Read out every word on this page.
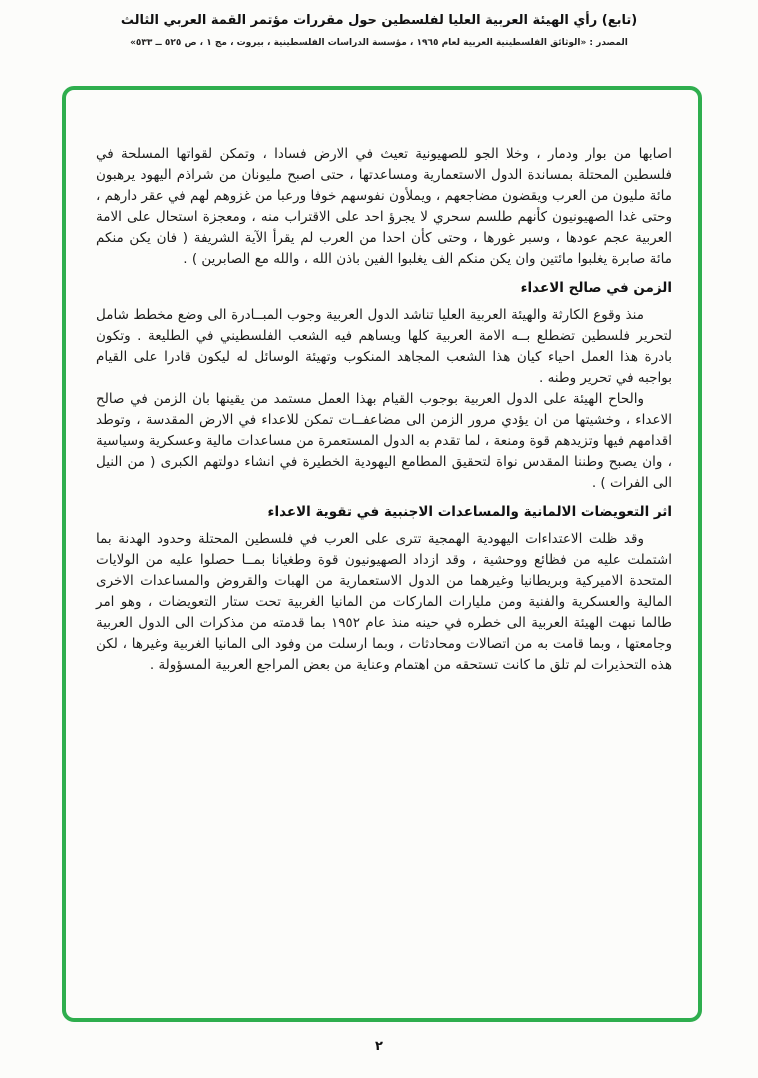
(تابع) رأي الهيئة العربية العليا لفلسطين حول مقررات مؤتمر القمة العربي الثالث
المصدر : «الوثائق الفلسطينية العربية لعام ١٩٦٥ ، مؤسسة الدراسات الفلسطينية ، بيروت ، مج ١ ، ص ٥٢٥ ــ ٥٣٣»

اصابها من بوار ودمار ، وخلا الجو للصهيونية تعيث في الارض فسادا ، وتمكن لقواتها المسلحة في فلسطين المحتلة بمساندة الدول الاستعمارية ومساعدتها ، حتى اصبح مليونان من شراذم اليهود يرهبون مائة مليون من العرب ويقضون مضاجعهم ، ويملأون نفوسهم خوفا ورعبا من غزوهم لهم في عقر دارهم ، وحتى غدا الصهيونيون كأنهم طلسم سحري لا يجرؤ احد على الاقتراب منه ، ومعجزة استحال على الامة العربية عجم عودها ، وسبر غورها ، وحتى كأن احدا من العرب لم يقرأ الآية الشريفة ( فان يكن منكم مائة صابرة يغلبوا مائتين وان يكن منكم الف يغلبوا الفين باذن الله ، والله مع الصابرين ) .

الزمن في صالح الاعداء

منذ وقوع الكارثة والهيئة العربية العليا تناشد الدول العربية وجوب المبــادرة الى وضع مخطط شامل لتحرير فلسطين تضطلع بــه الامة العربية كلها ويساهم فيه الشعب الفلسطيني في الطليعة . وتكون بادرة هذا العمل احياء كيان هذا الشعب المجاهد المنكوب وتهيئة الوسائل له ليكون قادرا على القيام بواجبه في تحرير وطنه .

والحاح الهيئة على الدول العربية بوجوب القيام بهذا العمل مستمد من يقينها بان الزمن في صالح الاعداء ، وخشيتها من ان يؤدي مرور الزمن الى مضاعفــات تمكن للاعداء في الارض المقدسة ، وتوطد اقدامهم فيها وتزيدهم قوة ومنعة ، لما تقدم به الدول المستعمرة من مساعدات مالية وعسكرية وسياسية ، وان يصبح وطننا المقدس نواة لتحقيق المطامع اليهودية الخطيرة في انشاء دولتهم الكبرى ( من النيل الى الفرات ) .

اثر التعويضات الالمانية والمساعدات الاجنبية في تقوية الاعداء

وقد ظلت الاعتداءات اليهودية الهمجية تترى على العرب في فلسطين المحتلة وحدود الهدنة بما اشتملت عليه من فظائع ووحشية ، وقد ازداد الصهيونيون قوة وطغيانا بمــا حصلوا عليه من الولايات المتحدة الاميركية وبريطانيا وغيرهما من الدول الاستعمارية من الهبات والقروض والمساعدات الاخرى المالية والعسكرية والفنية ومن مليارات الماركات من المانيا الغربية تحت ستار التعويضات ، وهو امر طالما نبهت الهيئة العربية الى خطره في حينه منذ عام ١٩٥٢ بما قدمته من مذكرات الى الدول العربية وجامعتها ، وبما قامت به من اتصالات ومحادثات ، وبما ارسلت من وفود الى المانيا الغربية وغيرها ، لكن هذه التحذيرات لم تلق ما كانت تستحقه من اهتمام وعناية من بعض المراجع العربية المسؤولة .

٢
